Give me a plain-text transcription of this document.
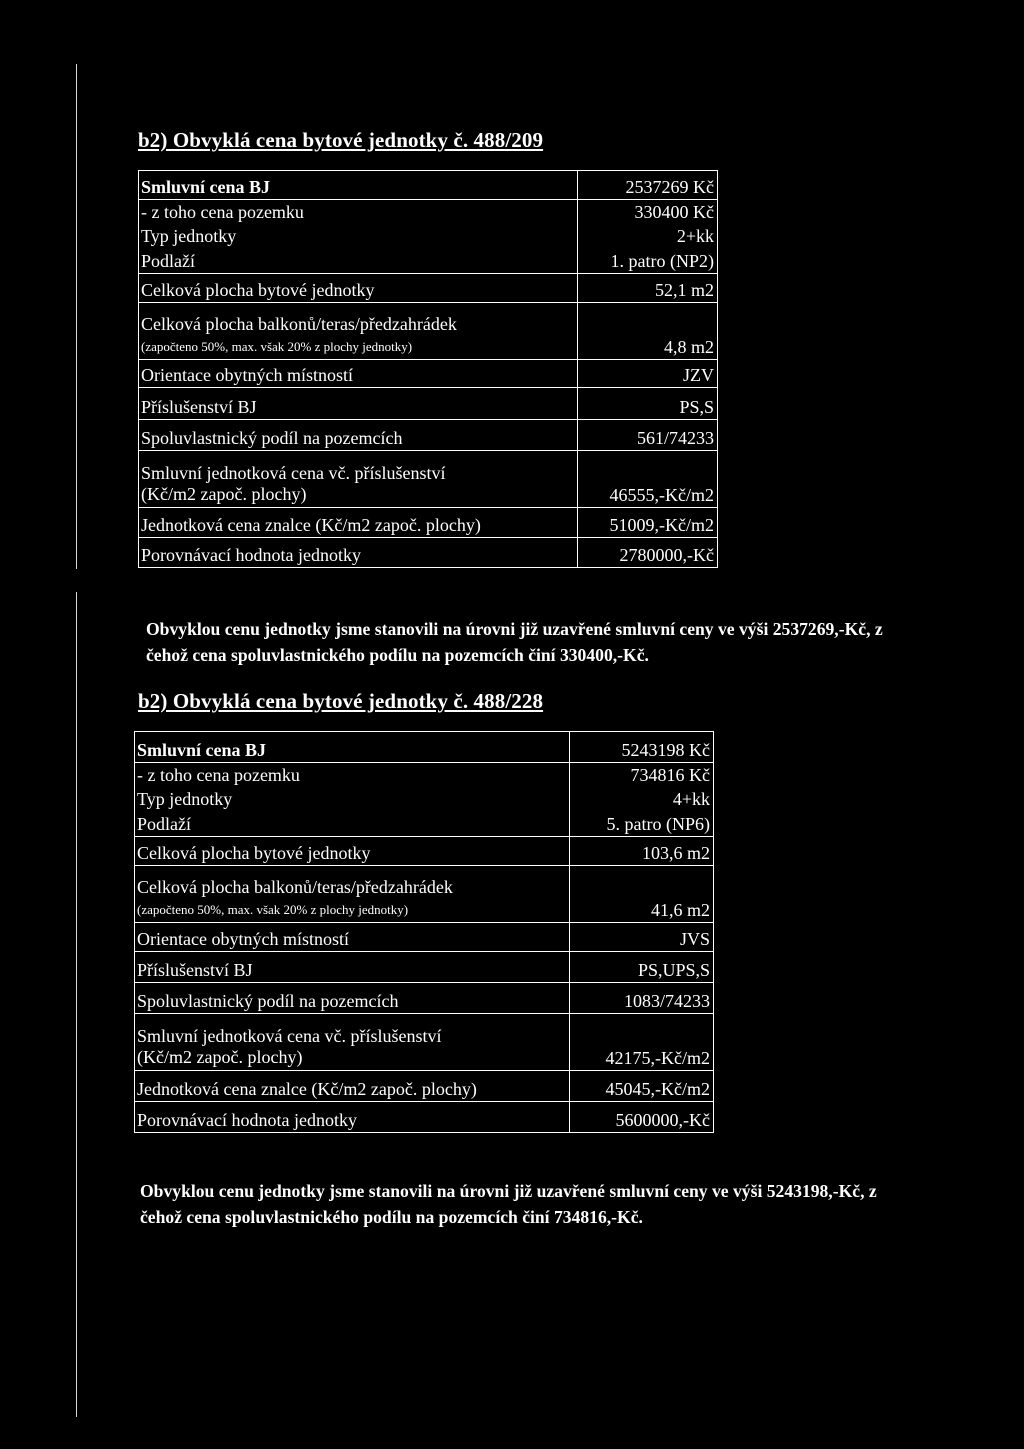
b2) Obvyklá cena bytové jednotky č. 488/209
Smluvní cena BJ	2537269 Kč
- z toho cena pozemku	330400 Kč
Typ jednotky	2+kk
Podlaží	1. patro (NP2)
Celková plocha bytové jednotky	52,1 m2
Celková plocha balkonů/teras/předzahrádek
(započteno 50%, max. však 20% z plochy jednotky)	4,8 m2
Orientace obytných místností	JZV
Příslušenství BJ	PS,S
Spoluvlastnický podíl na pozemcích	561/74233
Smluvní jednotková cena vč. příslušenství
(Kč/m2 započ. plochy)	46555,-Kč/m2
Jednotková cena znalce (Kč/m2 započ. plochy)	51009,-Kč/m2
Porovnávací hodnota jednotky	2780000,-Kč
Obvyklou cenu jednotky jsme stanovili na úrovni již uzavřené smluvní ceny ve výši 2537269,-Kč, z čehož cena spoluvlastnického podílu na pozemcích činí 330400,-Kč.
b2) Obvyklá cena bytové jednotky č. 488/228
Smluvní cena BJ	5243198 Kč
- z toho cena pozemku	734816 Kč
Typ jednotky	4+kk
Podlaží	5. patro (NP6)
Celková plocha bytové jednotky	103,6 m2
Celková plocha balkonů/teras/předzahrádek
(započteno 50%, max. však 20% z plochy jednotky)	41,6 m2
Orientace obytných místností	JVS
Příslušenství BJ	PS,UPS,S
Spoluvlastnický podíl na pozemcích	1083/74233
Smluvní jednotková cena vč. příslušenství
(Kč/m2 započ. plochy)	42175,-Kč/m2
Jednotková cena znalce (Kč/m2 započ. plochy)	45045,-Kč/m2
Porovnávací hodnota jednotky	5600000,-Kč
Obvyklou cenu jednotky jsme stanovili na úrovni již uzavřené smluvní ceny ve výši 5243198,-Kč, z čehož cena spoluvlastnického podílu na pozemcích činí 734816,-Kč.
